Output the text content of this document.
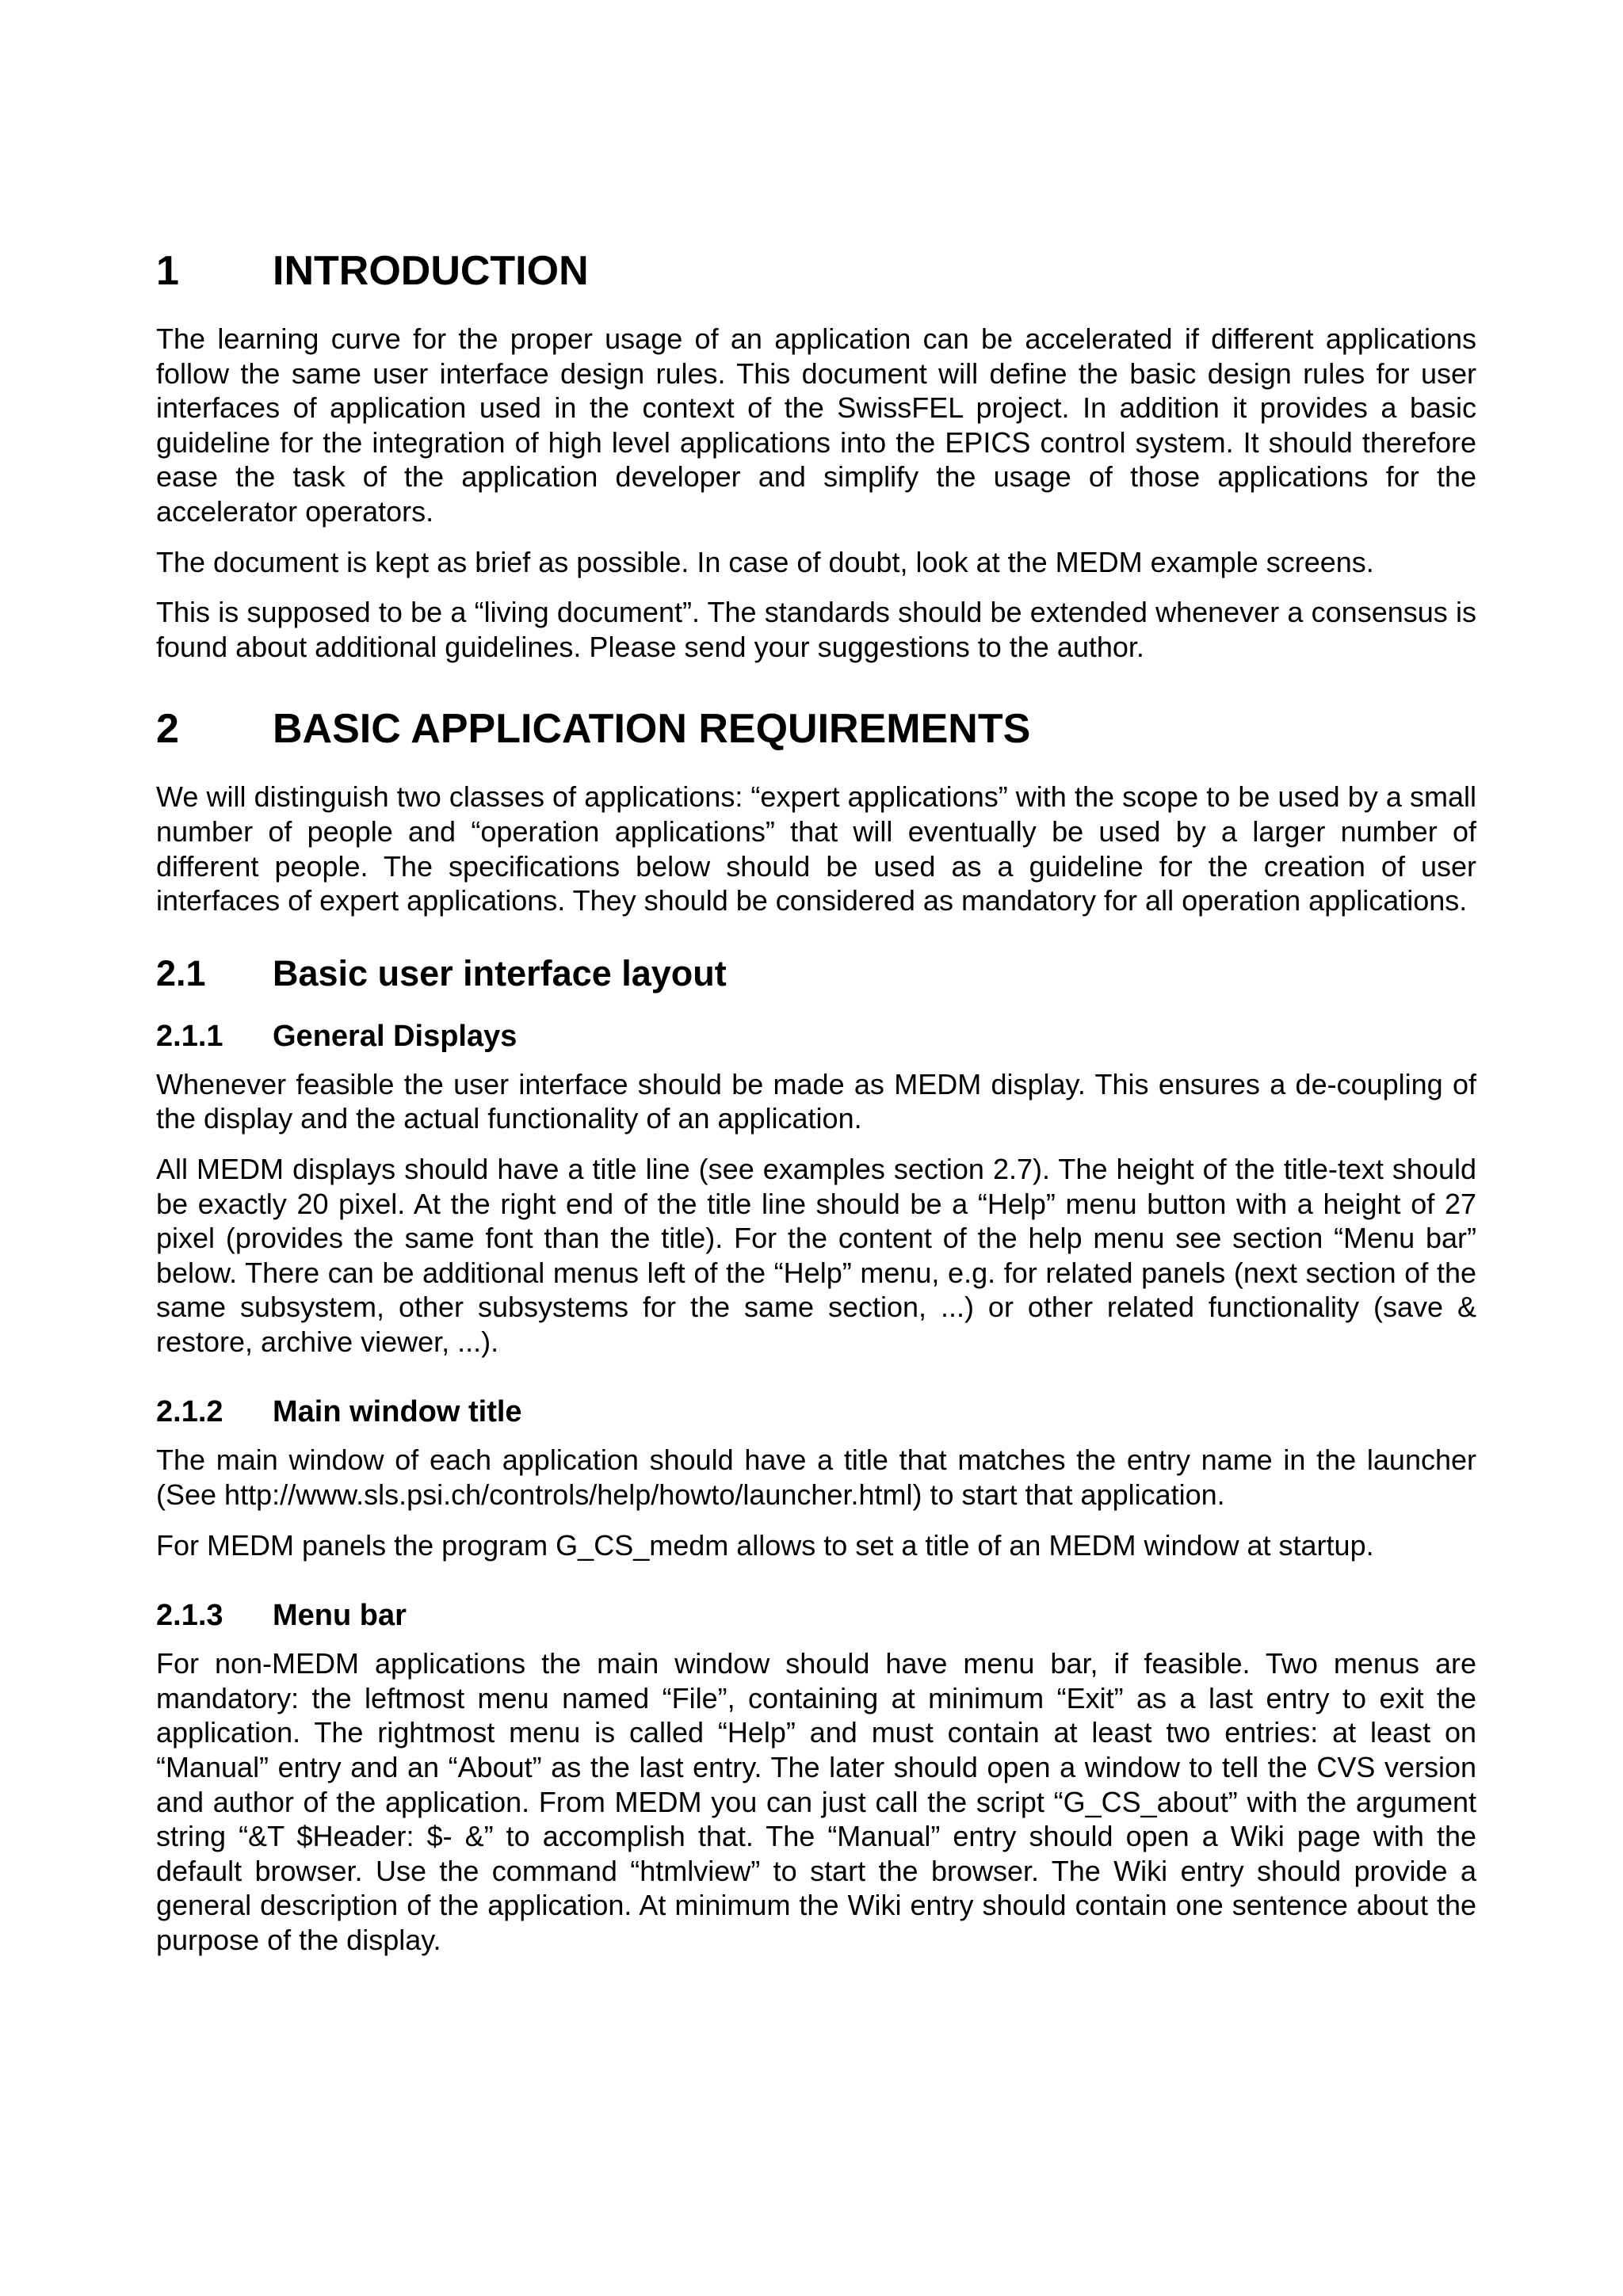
1	INTRODUCTION

The learning curve for the proper usage of an application can be accelerated if different applications follow the same user interface design rules. This document will define the basic design rules for user interfaces of application used in the context of the SwissFEL project. In addition it provides a basic guideline for the integration of high level applications into the EPICS control system. It should therefore ease the task of the application developer and simplify the usage of those applications for the accelerator operators.

The document is kept as brief as possible. In case of doubt, look at the MEDM example screens.

This is supposed to be a “living document”. The standards should be extended whenever a consensus is found about additional guidelines. Please send your suggestions to the author.

2	BASIC APPLICATION REQUIREMENTS

We will distinguish two classes of applications: “expert applications” with the scope to be used by a small number of people and “operation applications” that will eventually be used by a larger number of different people. The specifications below should be used as a guideline for the creation of user interfaces of expert applications. They should be considered as mandatory for all operation applications.

2.1	Basic user interface layout
2.1.1	General Displays

Whenever feasible the user interface should be made as MEDM display. This ensures a de-coupling of the display and the actual functionality of an application.

All MEDM displays should have a title line (see examples section 2.7). The height of the title-text should be exactly 20 pixel. At the right end of the title line should be a “Help” menu button with a height of 27 pixel (provides the same font than the title). For the content of the help menu see section “Menu bar” below. There can be additional menus left of the “Help” menu, e.g. for related panels (next section of the same subsystem, other subsystems for the same section, ...) or other related functionality (save & restore, archive viewer, ...).

2.1.2	Main window title

The main window of each application should have a title that matches the entry name in the launcher (See http://www.sls.psi.ch/controls/help/howto/launcher.html) to start that application.

For MEDM panels the program G_CS_medm allows to set a title of an MEDM window at startup.

2.1.3	Menu bar

For non-MEDM applications the main window should have menu bar, if feasible. Two menus are mandatory: the leftmost menu named “File”, containing at minimum “Exit” as a last entry to exit the application. The rightmost menu is called “Help” and must contain at least two entries: at least on “Manual” entry and an “About” as the last entry. The later should open a window to tell the CVS version and author of the application. From MEDM you can just call the script “G_CS_about” with the argument string “&T $Header: $- &” to accomplish that. The “Manual” entry should open a Wiki page with the default browser. Use the command “htmlview” to start the browser. The Wiki entry should provide a general description of the application. At minimum the Wiki entry should contain one sentence about the purpose of the display.
